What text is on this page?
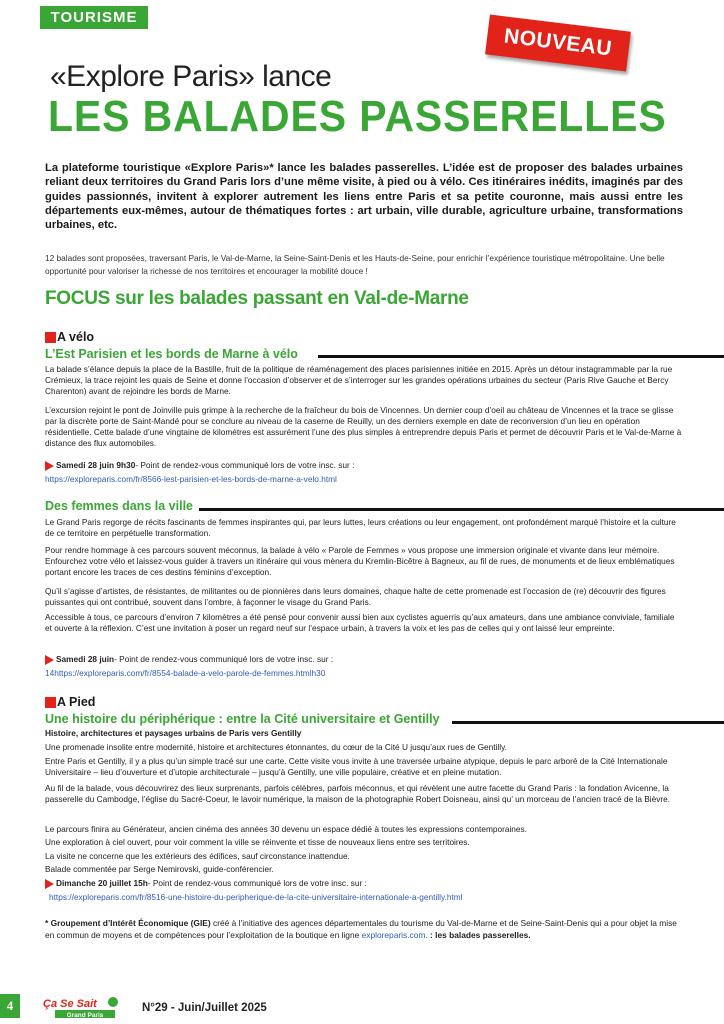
TOURISME
NOUVEAU
«Explore Paris» lance
LES BALADES PASSERELLES
La plateforme touristique «Explore Paris»* lance les balades passerelles. L’idée est de proposer des balades urbaines reliant deux territoires du Grand Paris lors d’une même visite, à pied ou à vélo. Ces itinéraires inédits, imaginés par des guides passionnés, invitent à explorer autrement les liens entre Paris et sa petite couronne, mais aussi entre les départements eux-mêmes, autour de thématiques fortes : art urbain, ville durable, agriculture urbaine, transformations urbaines, etc.
12 balades sont proposées, traversant Paris, le Val-de-Marne, la Seine-Saint-Denis et les Hauts-de-Seine, pour enrichir l’expérience touristique métropolitaine. Une belle opportunité pour valoriser la richesse de nos territoires et encourager la mobilité douce !
FOCUS sur les balades passant en Val-de-Marne
A vélo
L’Est Parisien et les bords de Marne à vélo
La balade s’élance depuis la place de la Bastille, fruit de la politique de réaménagement des places parisiennes initiée en 2015. Après un détour instagrammable par la rue Crémieux, la trace rejoint les quais de Seine et donne l’occasion d’observer et de s’interroger sur les grandes opérations urbaines du secteur (Paris Rive Gauche et Bercy Charenton) avant de rejoindre les bords de Marne.
L’excursion rejoint le pont de Joinville puis grimpe à la recherche de la fraîcheur du bois de Vincennes. Un dernier coup d’oeil au château de Vincennes et la trace se glisse par la discrète porte de Saint-Mandé pour se conclure au niveau de la caserne de Reuilly, un des derniers exemple en date de reconversion d’un lieu en opération résidentielle. Cette balade d’une vingtaine de kilomètres est assurément l’une des plus simples à entreprendre depuis Paris et permet de découvrir Paris et le Val-de-Marne à distance des flux automobiles.
Samedi 28 juin 9h30 - Point de rendez-vous communiqué lors de votre insc. sur :
https://exploreparis.com/fr/8566-lest-parisien-et-les-bords-de-marne-a-velo.html
Des femmes dans la ville
Le Grand Paris regorge de récits fascinants de femmes inspirantes qui, par leurs luttes, leurs créations ou leur engagement, ont profondément marqué l’histoire et la culture de ce territoire en perpétuelle transformation.
Pour rendre hommage à ces parcours souvent méconnus, la balade à vélo « Parole de Femmes » vous propose une immersion originale et vivante dans leur mémoire. Enfourchez votre vélo et laissez-vous guider à travers un itinéraire qui vous mènera du Kremlin-Bicêtre à Bagneux, au fil de rues, de monuments et de lieux emblématiques portant encore les traces de ces destins féminins d’exception.
Qu’il s’agisse d’artistes, de résistantes, de militantes ou de pionnières dans leurs domaines, chaque halte de cette promenade est l’occasion de (re) découvrir des figures puissantes qui ont contribué, souvent dans l’ombre, à façonner le visage du Grand Paris.
Accessible à tous, ce parcours d’environ 7 kilomètres a été pensé pour convenir aussi bien aux cyclistes aguerris qu’aux amateurs, dans une ambiance conviviale, familiale et ouverte à la réflexion. C’est une invitation à poser un regard neuf sur l’espace urbain, à travers la voix et les pas de celles qui y ont laissé leur empreinte.
Samedi 28 juin - Point de rendez-vous communiqué lors de votre insc. sur :
14https://exploreparis.com/fr/8554-balade-a-velo-parole-de-femmes.htmlh30
A Pied
Une histoire du périphérique : entre la Cité universitaire et Gentilly
Histoire, architectures et paysages urbains de Paris vers Gentilly
Une promenade insolite entre modernité, histoire et architectures étonnantes, du cœur de la Cité U jusqu’aux rues de Gentilly.
Entre Paris et Gentilly, il y a plus qu’un simple tracé sur une carte. Cette visite vous invite à une traversée urbaine atypique, depuis le parc arboré de la Cité Internationale Universitaire – lieu d’ouverture et d’utopie architecturale – jusqu’à Gentilly, une ville populaire, créative et en pleine mutation.
Au fil de la balade, vous découvrirez des lieux surprenants, parfois célèbres, parfois méconnus, et qui révèlent une autre facette du Grand Paris : la fondation Avicenne, la passerelle du Cambodge, l’église du Sacré-Coeur, le lavoir numérique, la maison de la photographie Robert Doisneau, ainsi qu’ un morceau de l’ancien tracé de la Bièvre.
Le parcours finira au Générateur, ancien cinéma des années 30 devenu un espace dédié à toutes les expressions contemporaines.
Une exploration à ciel ouvert, pour voir comment la ville se réinvente et tisse de nouveaux liens entre ses territoires.
La visite ne concerne que les extérieurs des édifices, sauf circonstance inattendue.
Balade commentée par Serge Nemirovski, guide-conférencier.
Dimanche 20 juillet 15h - Point de rendez-vous communiqué lors de votre insc. sur :
https://exploreparis.com/fr/8516-une-histoire-du-peripherique-de-la-cite-universitaire-internationale-a-gentilly.html
* Groupement d’Intérêt Économique (GIE) créé à l’initiative des agences départementales du tourisme du Val-de-Marne et de Seine-Saint-Denis qui a pour objet la mise en commun de moyens et de compétences pour l’exploitation de la boutique en ligne exploreparis.com. : les balades passerelles.
4	Ça Se Sait
Grand Paris
N°29 - Juin/Juillet 2025
